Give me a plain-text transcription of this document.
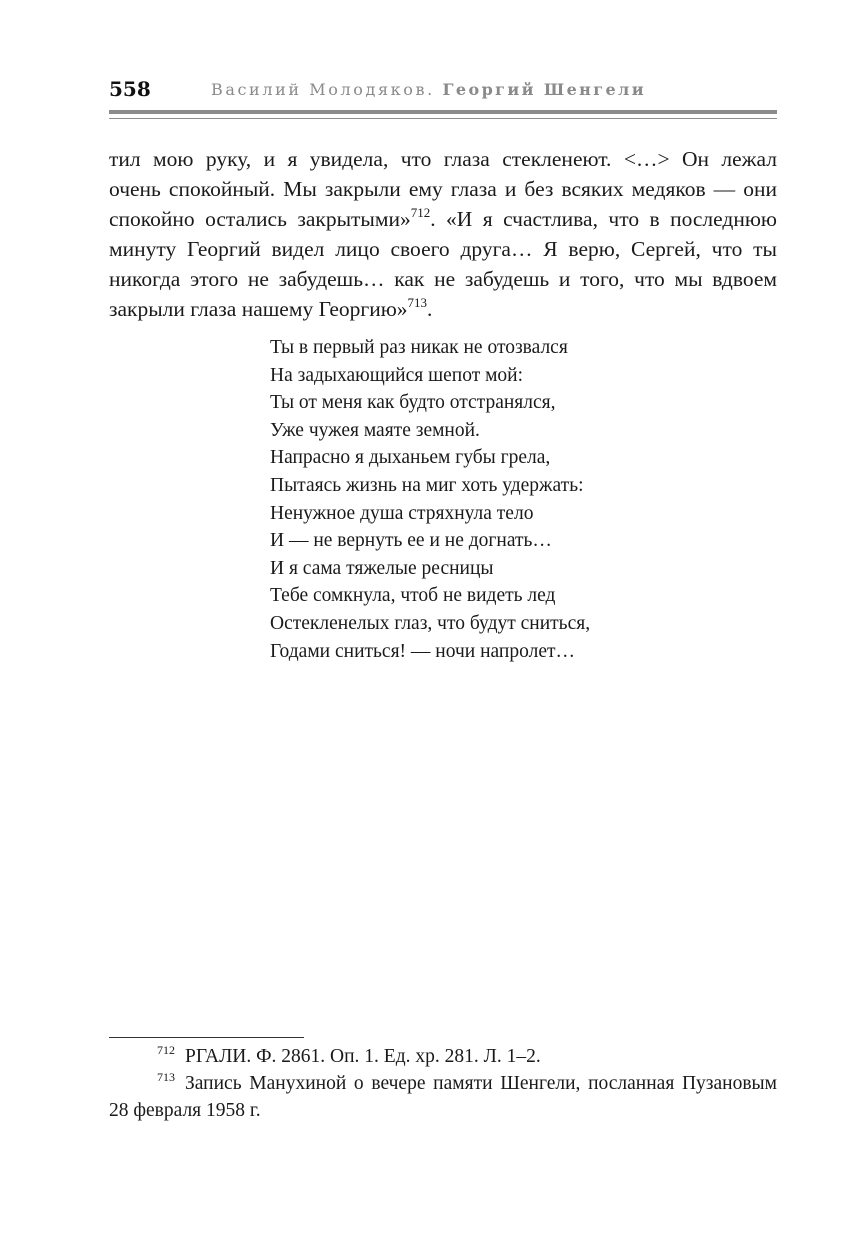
558	Василий Молодяков. Георгий Шенгели
тил мою руку, и я увидела, что глаза стекленеют. <…> Он лежал
очень спокойный. Мы закрыли ему глаза и без всяких медяков — они
спокойно остались закрытыми»$^{712}$. «И я счастлива, что в последнюю
минуту Георгий видел лицо своего друга… Я верю, Сергей, что ты
никогда этого не забудешь… как не забудешь и того, что мы вдвоем
закрыли глаза нашему Георгию»$^{713}$.
Ты в первый раз никак не отозвался
На задыхающийся шепот мой:
Ты от меня как будто отстранялся,
Уже чужея маяте земной.
Напрасно я дыханьем губы грела,
Пытаясь жизнь на миг хоть удержать:
Ненужное душа стряхнула тело
И — не вернуть ее и не догнать…
И я сама тяжелые ресницы
Тебе сомкнула, чтоб не видеть лед
Остекленелых глаз, что будут сниться,
Годами сниться! — ночи напролет…
$^{712}$ РГАЛИ. Ф. 2861. Оп. 1. Ед. хр. 281. Л. 1–2.
$^{713}$ Запись Манухиной о вечере памяти Шенгели, посланная Пузановым
28 февраля 1958 г.
